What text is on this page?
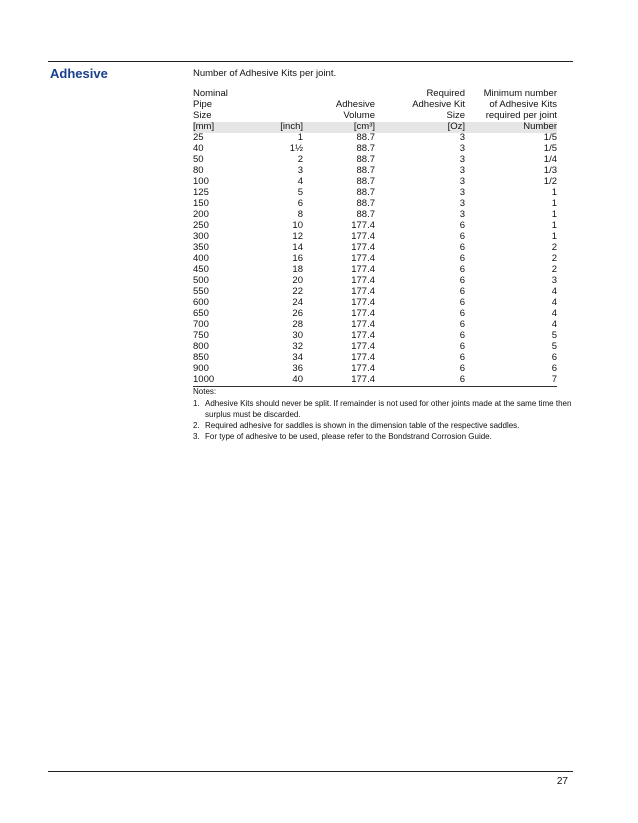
Adhesive	Number of Adhesive Kits per joint.

Nominal			Required	Minimum number
Pipe		Adhesive	Adhesive Kit	of Adhesive Kits
Size		Volume	Size	required per joint
[mm]	[inch]	[cm³]	[Oz]	Number
25	1	88.7	3	1/5
40	1½	88.7	3	1/5
50	2	88.7	3	1/4
80	3	88.7	3	1/3
100	4	88.7	3	1/2
125	5	88.7	3	1
150	6	88.7	3	1
200	8	88.7	3	1
250	10	177.4	6	1
300	12	177.4	6	1
350	14	177.4	6	2
400	16	177.4	6	2
450	18	177.4	6	2
500	20	177.4	6	3
550	22	177.4	6	4
600	24	177.4	6	4
650	26	177.4	6	4
700	28	177.4	6	4
750	30	177.4	6	5
800	32	177.4	6	5
850	34	177.4	6	6
900	36	177.4	6	6
1000	40	177.4	6	7

Notes:

1. Adhesive Kits should never be split. If remainder is not used for other joints made at the same time then surplus must be discarded.
2. Required adhesive for saddles is shown in the dimension table of the respective saddles.
3. For type of adhesive to be used, please refer to the Bondstrand Corrosion Guide.

27
